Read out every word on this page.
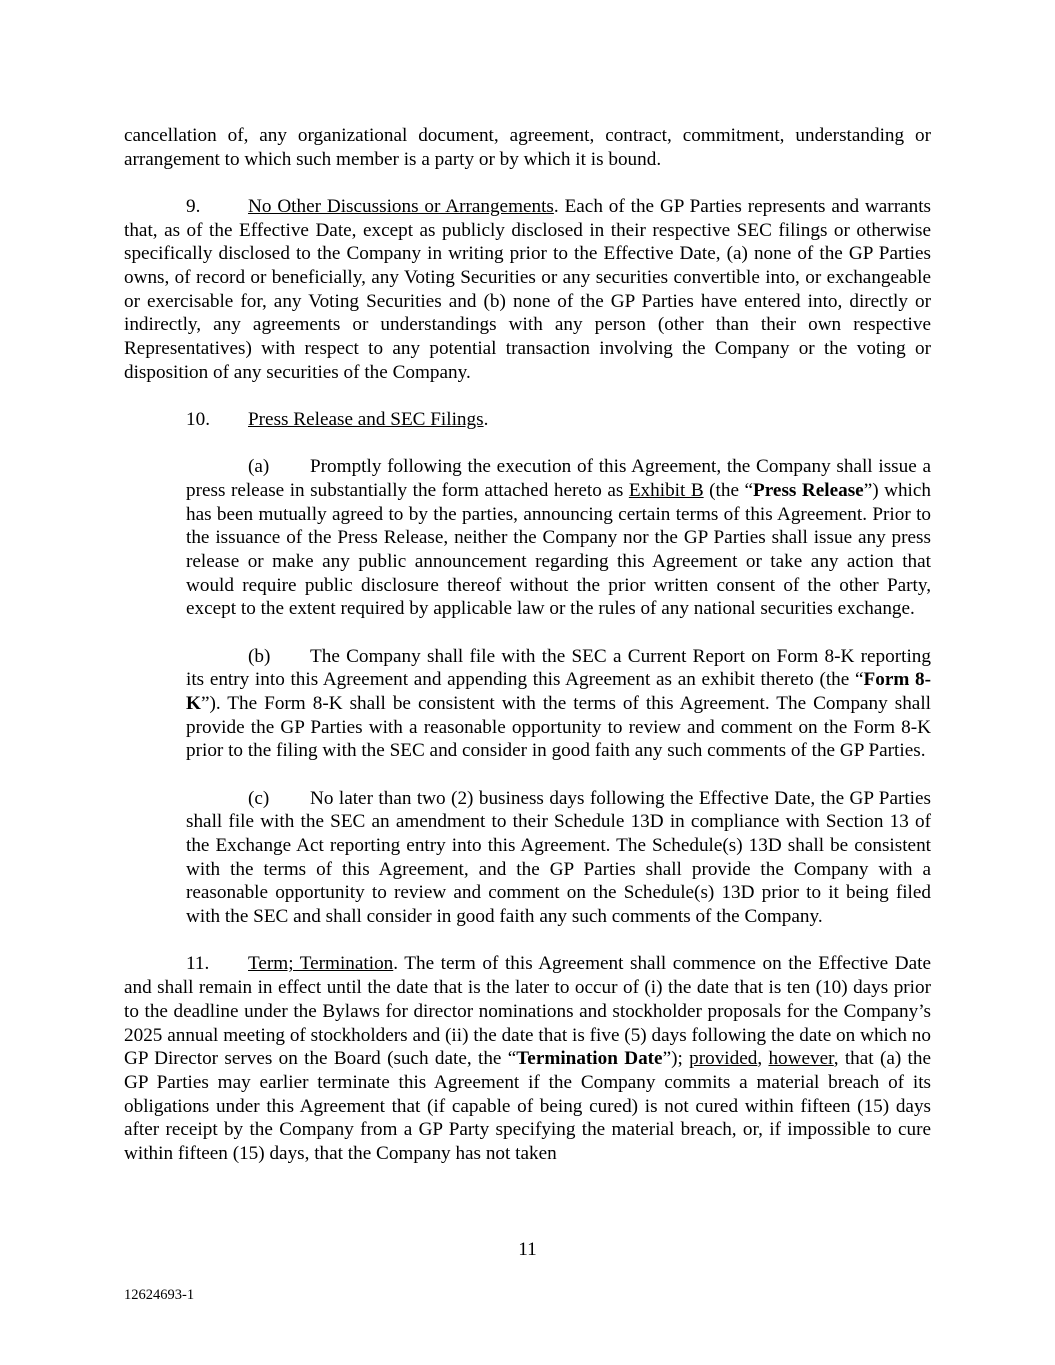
cancellation of, any organizational document, agreement, contract, commitment, understanding or arrangement to which such member is a party or by which it is bound.

9. No Other Discussions or Arrangements. Each of the GP Parties represents and warrants that, as of the Effective Date, except as publicly disclosed in their respective SEC filings or otherwise specifically disclosed to the Company in writing prior to the Effective Date, (a) none of the GP Parties owns, of record or beneficially, any Voting Securities or any securities convertible into, or exchangeable or exercisable for, any Voting Securities and (b) none of the GP Parties have entered into, directly or indirectly, any agreements or understandings with any person (other than their own respective Representatives) with respect to any potential transaction involving the Company or the voting or disposition of any securities of the Company.

10. Press Release and SEC Filings.

(a) Promptly following the execution of this Agreement, the Company shall issue a press release in substantially the form attached hereto as Exhibit B (the “Press Release”) which has been mutually agreed to by the parties, announcing certain terms of this Agreement. Prior to the issuance of the Press Release, neither the Company nor the GP Parties shall issue any press release or make any public announcement regarding this Agreement or take any action that would require public disclosure thereof without the prior written consent of the other Party, except to the extent required by applicable law or the rules of any national securities exchange.

(b) The Company shall file with the SEC a Current Report on Form 8-K reporting its entry into this Agreement and appending this Agreement as an exhibit thereto (the “Form 8-K”). The Form 8-K shall be consistent with the terms of this Agreement. The Company shall provide the GP Parties with a reasonable opportunity to review and comment on the Form 8-K prior to the filing with the SEC and consider in good faith any such comments of the GP Parties.

(c) No later than two (2) business days following the Effective Date, the GP Parties shall file with the SEC an amendment to their Schedule 13D in compliance with Section 13 of the Exchange Act reporting entry into this Agreement. The Schedule(s) 13D shall be consistent with the terms of this Agreement, and the GP Parties shall provide the Company with a reasonable opportunity to review and comment on the Schedule(s) 13D prior to it being filed with the SEC and shall consider in good faith any such comments of the Company.

11. Term; Termination. The term of this Agreement shall commence on the Effective Date and shall remain in effect until the date that is the later to occur of (i) the date that is ten (10) days prior to the deadline under the Bylaws for director nominations and stockholder proposals for the Company’s 2025 annual meeting of stockholders and (ii) the date that is five (5) days following the date on which no GP Director serves on the Board (such date, the “Termination Date”); provided, however, that (a) the GP Parties may earlier terminate this Agreement if the Company commits a material breach of its obligations under this Agreement that (if capable of being cured) is not cured within fifteen (15) days after receipt by the Company from a GP Party specifying the material breach, or, if impossible to cure within fifteen (15) days, that the Company has not taken

11
12624693-1
